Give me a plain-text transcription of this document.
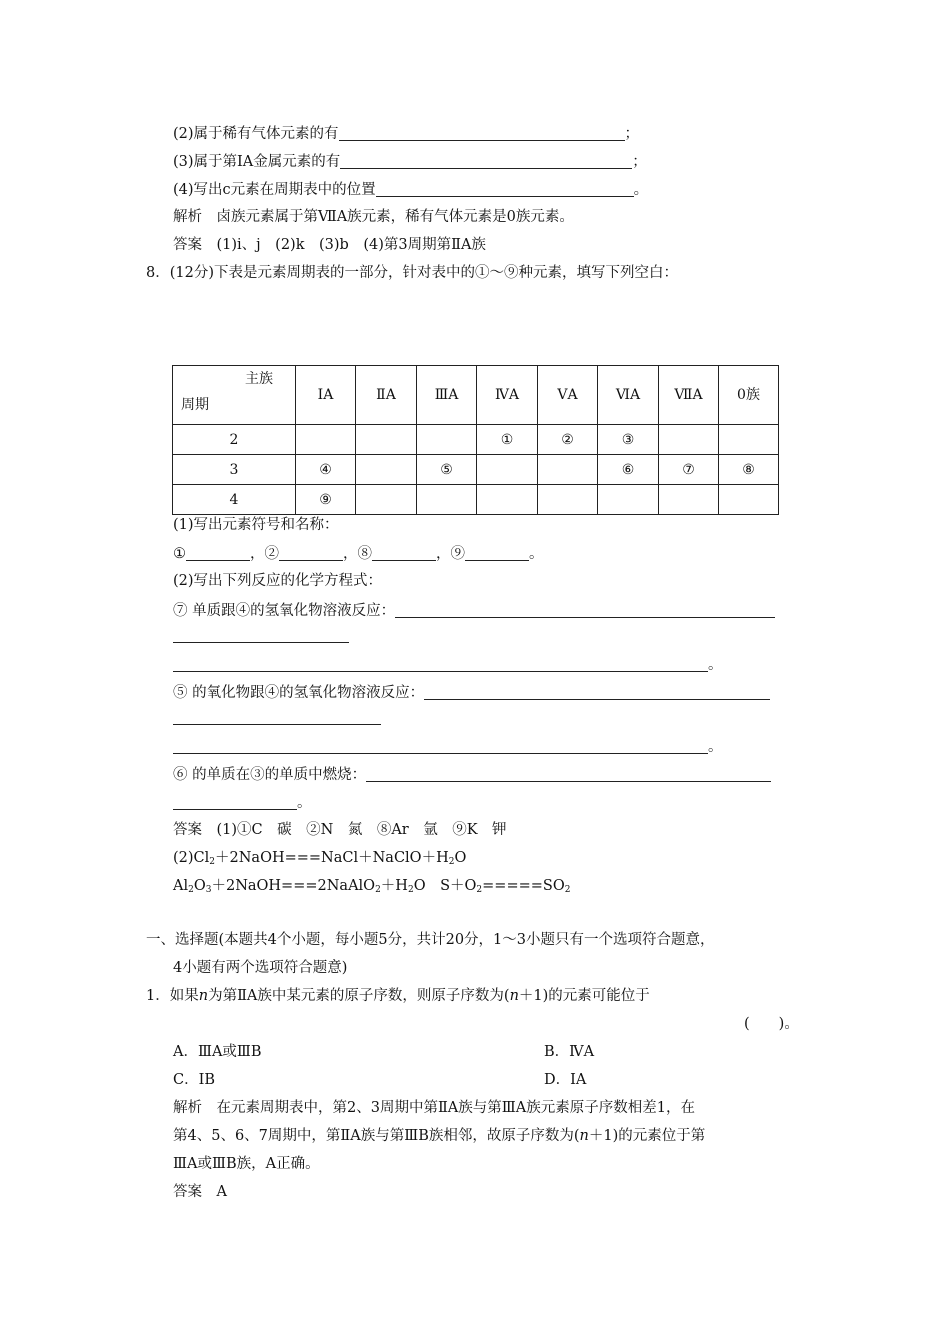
(2)属于稀有气体元素的有	；
(3)属于第ⅠA金属元素的有	；
(4)写出c元素在周期表中的位置	。
解析　卤族元素属于第ⅦA族元素，稀有气体元素是0族元素。
答案　(1)i、j　(2)k　(3)b　(4)第3周期第ⅡA族
8．(12分)下表是元素周期表的一部分，针对表中的①～⑨种元素，填写下列空白：
主族
周期	ⅠA	ⅡA	ⅢA	ⅣA	ⅤA	ⅥA	ⅦA	0族
2				①	②	③		
3	④		⑤			⑥	⑦	⑧
4	⑨							
(1)写出元素符号和名称：
①	，②	，⑧	，⑨	。
(2)写出下列反应的化学方程式：
⑦ 单质跟④的氢氧化物溶液反应：
。
⑤ 的氧化物跟④的氢氧化物溶液反应：
。
⑥ 的单质在③的单质中燃烧：
。
答案　(1)①C　碳　②N　氮　⑧Ar　氩　⑨K　钾
$(2)Cl_2+2NaOH===NaCl+NaClO+H_2O$
$Al_2O_3+2NaOH===2NaAlO_2+H_2O$　$S+O_2=====SO_2$
一、选择题(本题共4个小题，每小题5分，共计20分，1～3小题只有一个选项符合题意，
4小题有两个选项符合题意)
1．如果n为第ⅡA族中某元素的原子序数，则原子序数为(n＋1)的元素可能位于
(　　)。
A．ⅢA或ⅢB	B．ⅣA
C．ⅠB	D．ⅠA
解析　在元素周期表中，第2、3周期中第ⅡA族与第ⅢA族元素原子序数相差1，在
第4、5、6、7周期中，第ⅡA族与第ⅢB族相邻，故原子序数为(n＋1)的元素位于第
ⅢA或ⅢB族，A正确。
答案　A
